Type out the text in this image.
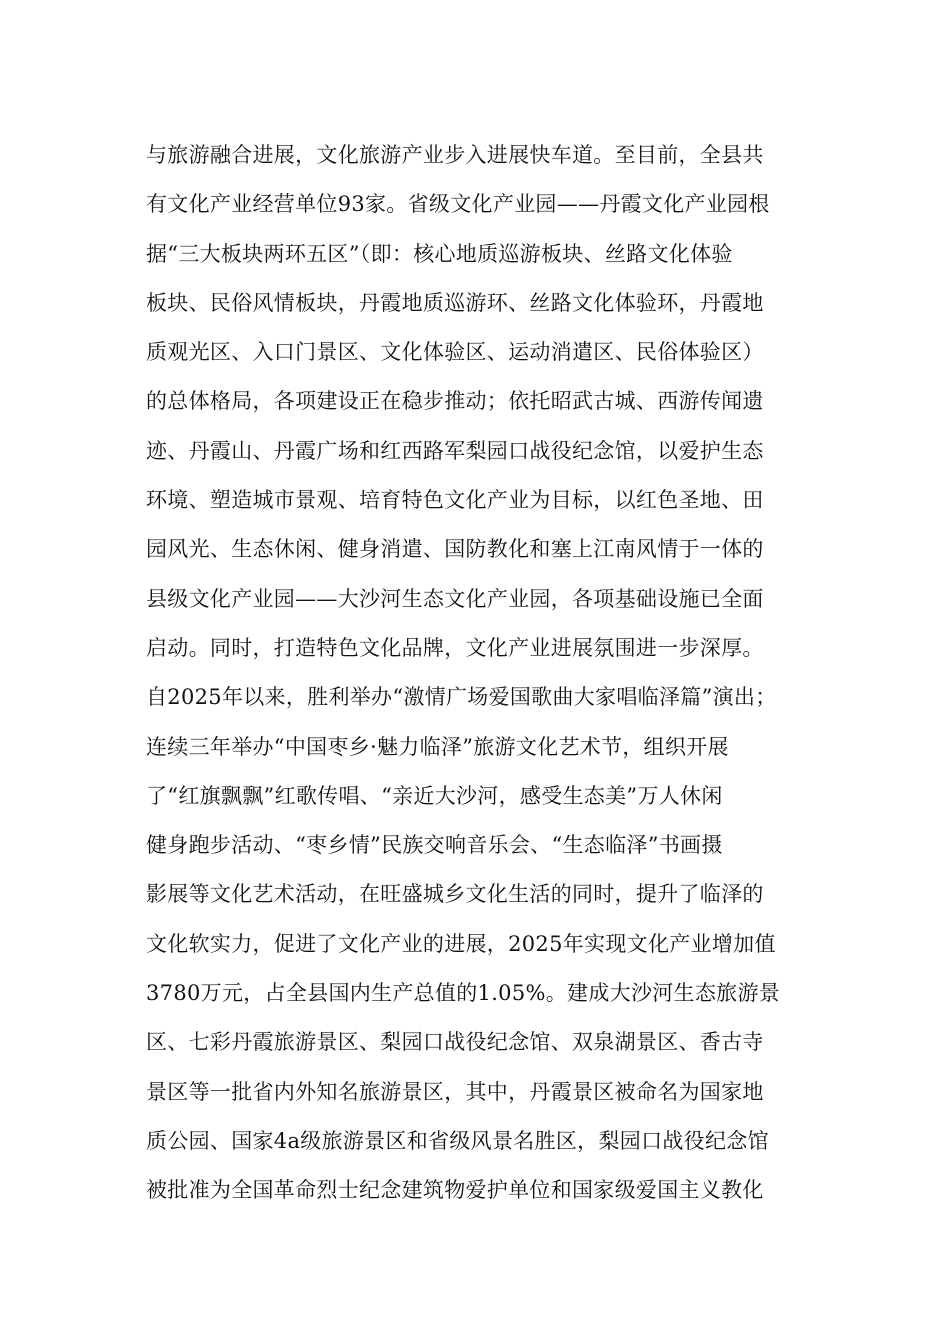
与旅游融合进展，文化旅游产业步入进展快车道。至目前，全县共
有文化产业经营单位93家。省级文化产业园——丹霞文化产业园根
据“三大板块两环五区”（即：核心地质巡游板块、丝路文化体验
板块、民俗风情板块，丹霞地质巡游环、丝路文化体验环，丹霞地
质观光区、入口门景区、文化体验区、运动消遣区、民俗体验区）
的总体格局，各项建设正在稳步推动；依托昭武古城、西游传闻遗
迹、丹霞山、丹霞广场和红西路军梨园口战役纪念馆，以爱护生态
环境、塑造城市景观、培育特色文化产业为目标，以红色圣地、田
园风光、生态休闲、健身消遣、国防教化和塞上江南风情于一体的
县级文化产业园——大沙河生态文化产业园，各项基础设施已全面
启动。同时，打造特色文化品牌，文化产业进展氛围进一步深厚。
自2025年以来，胜利举办“激情广场爱国歌曲大家唱临泽篇”演出；
连续三年举办“中国枣乡·魅力临泽”旅游文化艺术节，组织开展
了“红旗飘飘”红歌传唱、“亲近大沙河，感受生态美”万人休闲
健身跑步活动、“枣乡情”民族交响音乐会、“生态临泽”书画摄
影展等文化艺术活动，在旺盛城乡文化生活的同时，提升了临泽的
文化软实力，促进了文化产业的进展，2025年实现文化产业增加值
3780万元，占全县国内生产总值的1.05%。建成大沙河生态旅游景
区、七彩丹霞旅游景区、梨园口战役纪念馆、双泉湖景区、香古寺
景区等一批省内外知名旅游景区，其中，丹霞景区被命名为国家地
质公园、国家4a级旅游景区和省级风景名胜区，梨园口战役纪念馆
被批准为全国革命烈士纪念建筑物爱护单位和国家级爱国主义教化
